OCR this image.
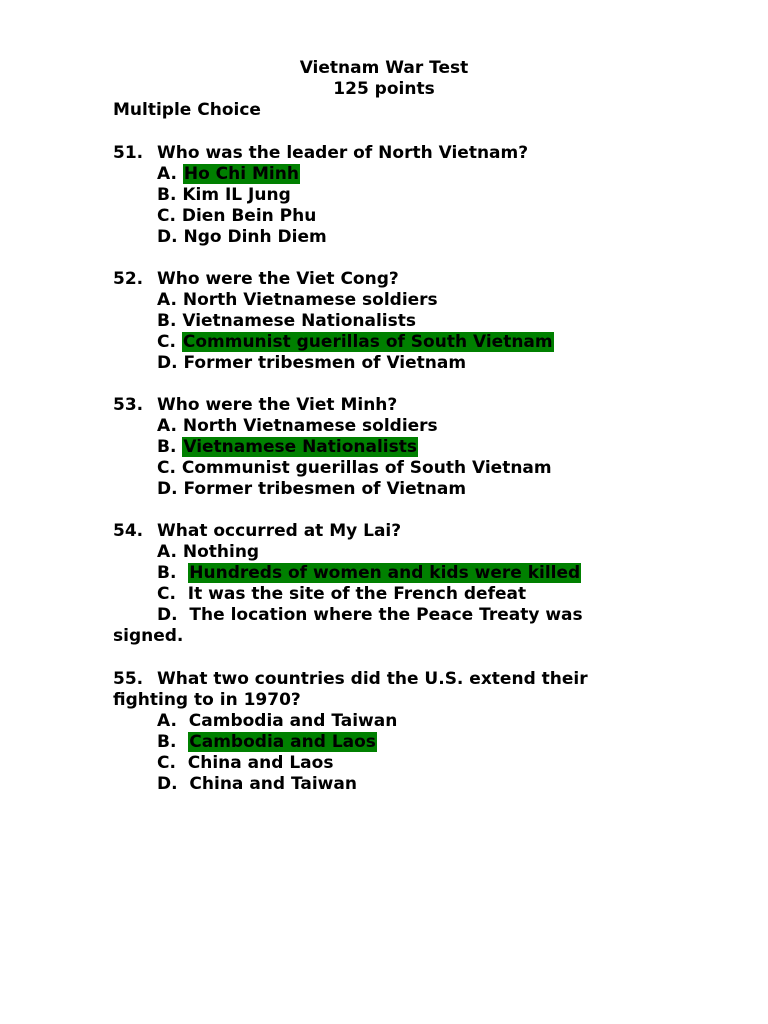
Vietnam War Test
125 points
Multiple Choice
51. Who was the leader of North Vietnam?
A. Ho Chi Minh
B. Kim IL Jung
C. Dien Bein Phu
D. Ngo Dinh Diem
52. Who were the Viet Cong?
A. North Vietnamese soldiers
B. Vietnamese Nationalists
C. Communist guerillas of South Vietnam
D. Former tribesmen of Vietnam
53. Who were the Viet Minh?
A. North Vietnamese soldiers
B. Vietnamese Nationalists
C. Communist guerillas of South Vietnam
D. Former tribesmen of Vietnam
54. What occurred at My Lai?
A. Nothing
B. Hundreds of women and kids were killed
C. It was the site of the French defeat
D. The location where the Peace Treaty was
signed.
55. What two countries did the U.S. extend their
fighting to in 1970?
A. Cambodia and Taiwan
B. Cambodia and Laos
C. China and Laos
D. China and Taiwan
